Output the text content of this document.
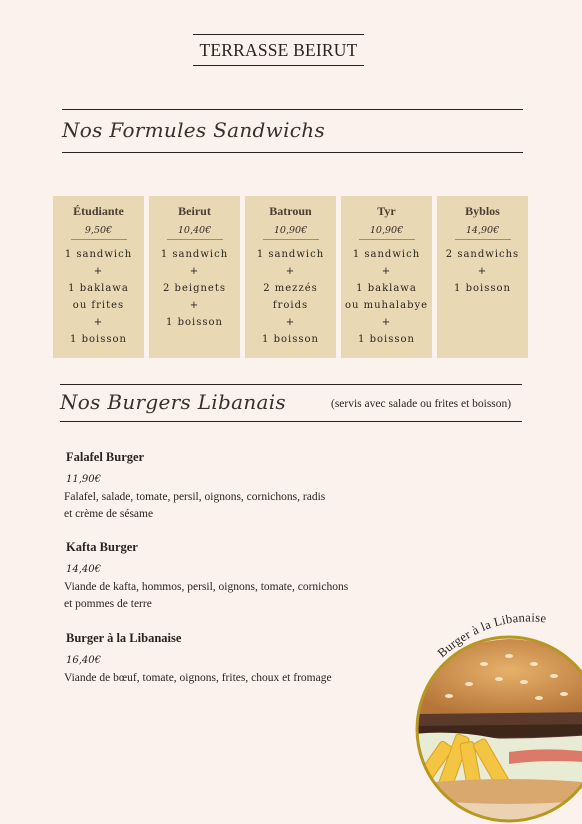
TERRASSE BEIRUT
Nos Formules Sandwichs
Étudiante
9,50€
1 sandwich
+
1 baklawa
ou frites
+
1 boisson
Beirut
10,40€
1 sandwich
+
2 beignets
+
1 boisson
Batroun
10,90€
1 sandwich
+
2 mezzés
froids
+
1 boisson
Tyr
10,90€
1 sandwich
+
1 baklawa
ou muhalabye
+
1 boisson
Byblos
14,90€
2 sandwichs
+
1 boisson
Nos Burgers Libanais	(servis avec salade ou frites et boisson)
Falafel Burger
11,90€
Falafel, salade, tomate, persil, oignons, cornichons, radis
et crème de sésame
Kafta Burger
14,40€
Viande de kafta, hommos, persil, oignons, tomate, cornichons
et pommes de terre
Burger à la Libanaise
16,40€
Viande de bœuf, tomate, oignons, frites, choux et fromage
Burger à la Libanaise
